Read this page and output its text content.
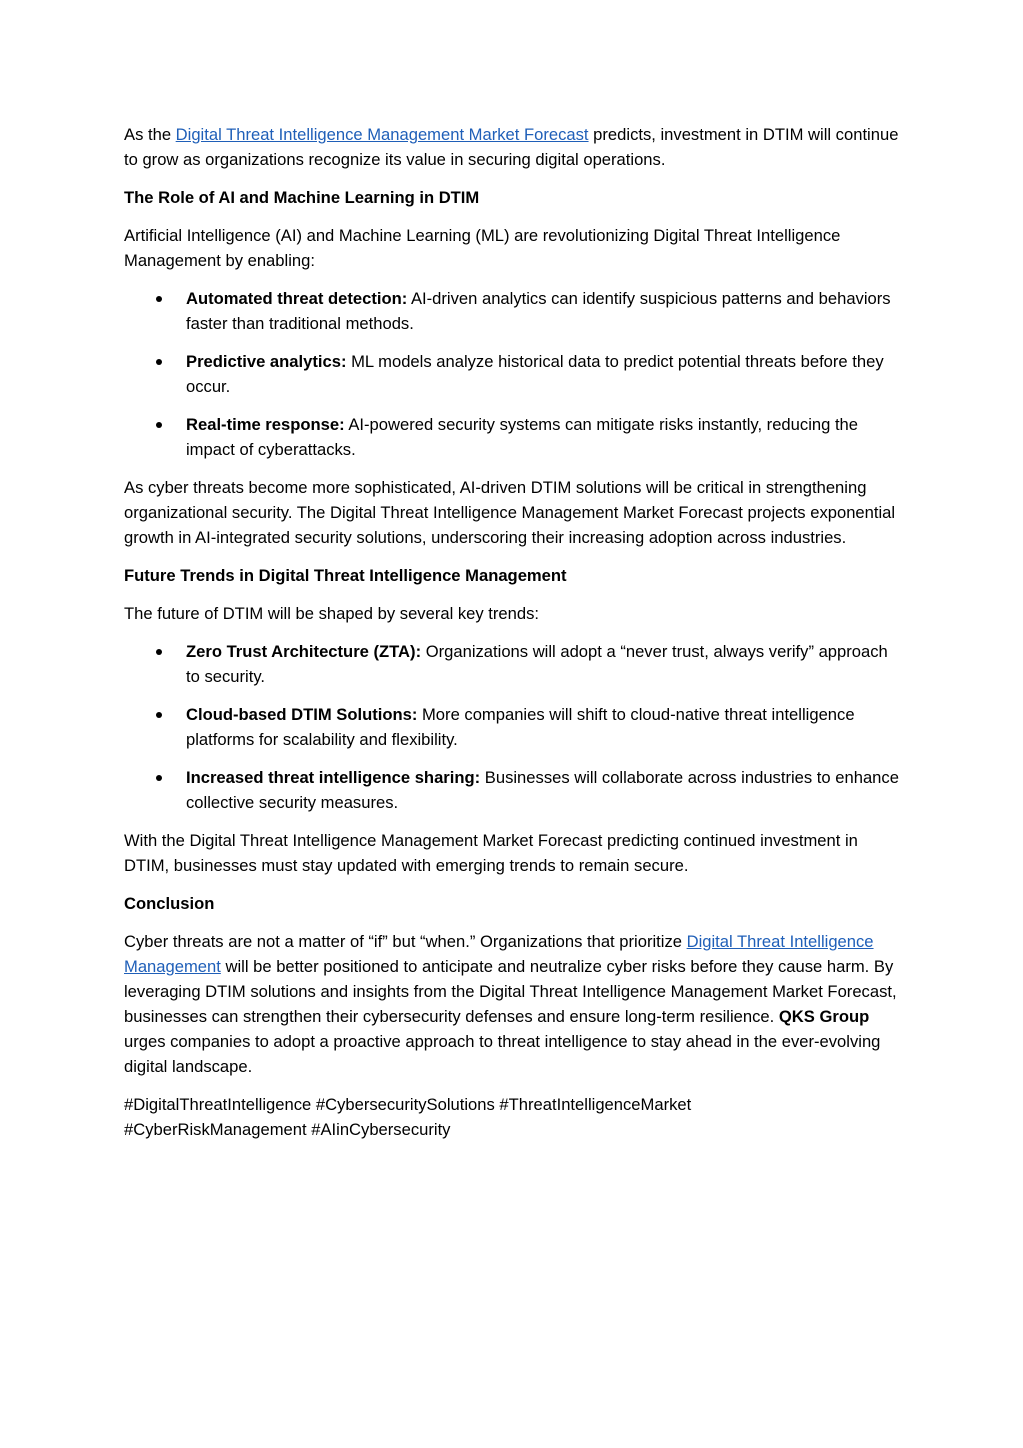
As the Digital Threat Intelligence Management Market Forecast predicts, investment in DTIM will continue to grow as organizations recognize its value in securing digital operations.

The Role of AI and Machine Learning in DTIM

Artificial Intelligence (AI) and Machine Learning (ML) are revolutionizing Digital Threat Intelligence Management by enabling:

Automated threat detection: AI-driven analytics can identify suspicious patterns and behaviors faster than traditional methods.
Predictive analytics: ML models analyze historical data to predict potential threats before they occur.
Real-time response: AI-powered security systems can mitigate risks instantly, reducing the impact of cyberattacks.

As cyber threats become more sophisticated, AI-driven DTIM solutions will be critical in strengthening organizational security. The Digital Threat Intelligence Management Market Forecast projects exponential growth in AI-integrated security solutions, underscoring their increasing adoption across industries.

Future Trends in Digital Threat Intelligence Management

The future of DTIM will be shaped by several key trends:

Zero Trust Architecture (ZTA): Organizations will adopt a “never trust, always verify” approach to security.
Cloud-based DTIM Solutions: More companies will shift to cloud-native threat intelligence platforms for scalability and flexibility.
Increased threat intelligence sharing: Businesses will collaborate across industries to enhance collective security measures.

With the Digital Threat Intelligence Management Market Forecast predicting continued investment in DTIM, businesses must stay updated with emerging trends to remain secure.

Conclusion

Cyber threats are not a matter of “if” but “when.” Organizations that prioritize Digital Threat Intelligence Management will be better positioned to anticipate and neutralize cyber risks before they cause harm. By leveraging DTIM solutions and insights from the Digital Threat Intelligence Management Market Forecast, businesses can strengthen their cybersecurity defenses and ensure long-term resilience. QKS Group urges companies to adopt a proactive approach to threat intelligence to stay ahead in the ever-evolving digital landscape.

#DigitalThreatIntelligence #CybersecuritySolutions #ThreatIntelligenceMarket
#CyberRiskManagement #AIinCybersecurity
